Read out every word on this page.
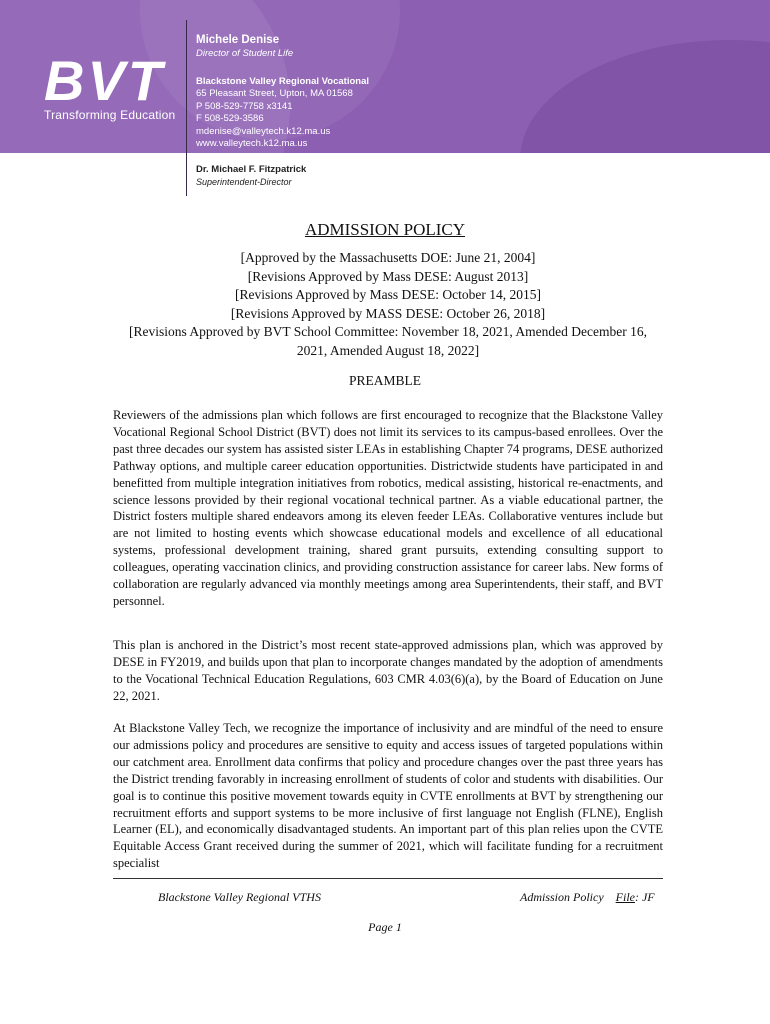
BVT
Transforming Education
Michele Denise
Director of Student Life
Blackstone Valley Regional Vocational
65 Pleasant Street, Upton, MA 01568
P 508-529-7758 x3141
F 508-529-3586
mdenise@valleytech.k12.ma.us
www.valleytech.k12.ma.us
Dr. Michael F. Fitzpatrick
Superintendent-Director
ADMISSION POLICY
[Approved by the Massachusetts DOE: June 21, 2004]
[Revisions Approved by Mass DESE: August 2013]
[Revisions Approved by Mass DESE: October 14, 2015]
[Revisions Approved by MASS DESE: October 26, 2018]
[Revisions Approved by BVT School Committee: November 18, 2021, Amended December 16, 2021, Amended August 18, 2022]
PREAMBLE
Reviewers of the admissions plan which follows are first encouraged to recognize that the Blackstone Valley Vocational Regional School District (BVT) does not limit its services to its campus-based enrollees. Over the past three decades our system has assisted sister LEAs in establishing Chapter 74 programs, DESE authorized Pathway options, and multiple career education opportunities. Districtwide students have participated in and benefitted from multiple integration initiatives from robotics, medical assisting, historical re-enactments, and science lessons provided by their regional vocational technical partner. As a viable educational partner, the District fosters multiple shared endeavors among its eleven feeder LEAs. Collaborative ventures include but are not limited to hosting events which showcase educational models and excellence of all educational systems, professional development training, shared grant pursuits, extending consulting support to colleagues, operating vaccination clinics, and providing construction assistance for career labs. New forms of collaboration are regularly advanced via monthly meetings among area Superintendents, their staff, and BVT personnel.
This plan is anchored in the District’s most recent state-approved admissions plan, which was approved by DESE in FY2019, and builds upon that plan to incorporate changes mandated by the adoption of amendments to the Vocational Technical Education Regulations, 603 CMR 4.03(6)(a), by the Board of Education on June 22, 2021.
At Blackstone Valley Tech, we recognize the importance of inclusivity and are mindful of the need to ensure our admissions policy and procedures are sensitive to equity and access issues of targeted populations within our catchment area. Enrollment data confirms that policy and procedure changes over the past three years has the District trending favorably in increasing enrollment of students of color and students with disabilities. Our goal is to continue this positive movement towards equity in CVTE enrollments at BVT by strengthening our recruitment efforts and support systems to be more inclusive of first language not English (FLNE), English Learner (EL), and economically disadvantaged students. An important part of this plan relies upon the CVTE Equitable Access Grant received during the summer of 2021, which will facilitate funding for a recruitment specialist
Blackstone Valley Regional VTHS	Admission Policy File: JF
Page 1
